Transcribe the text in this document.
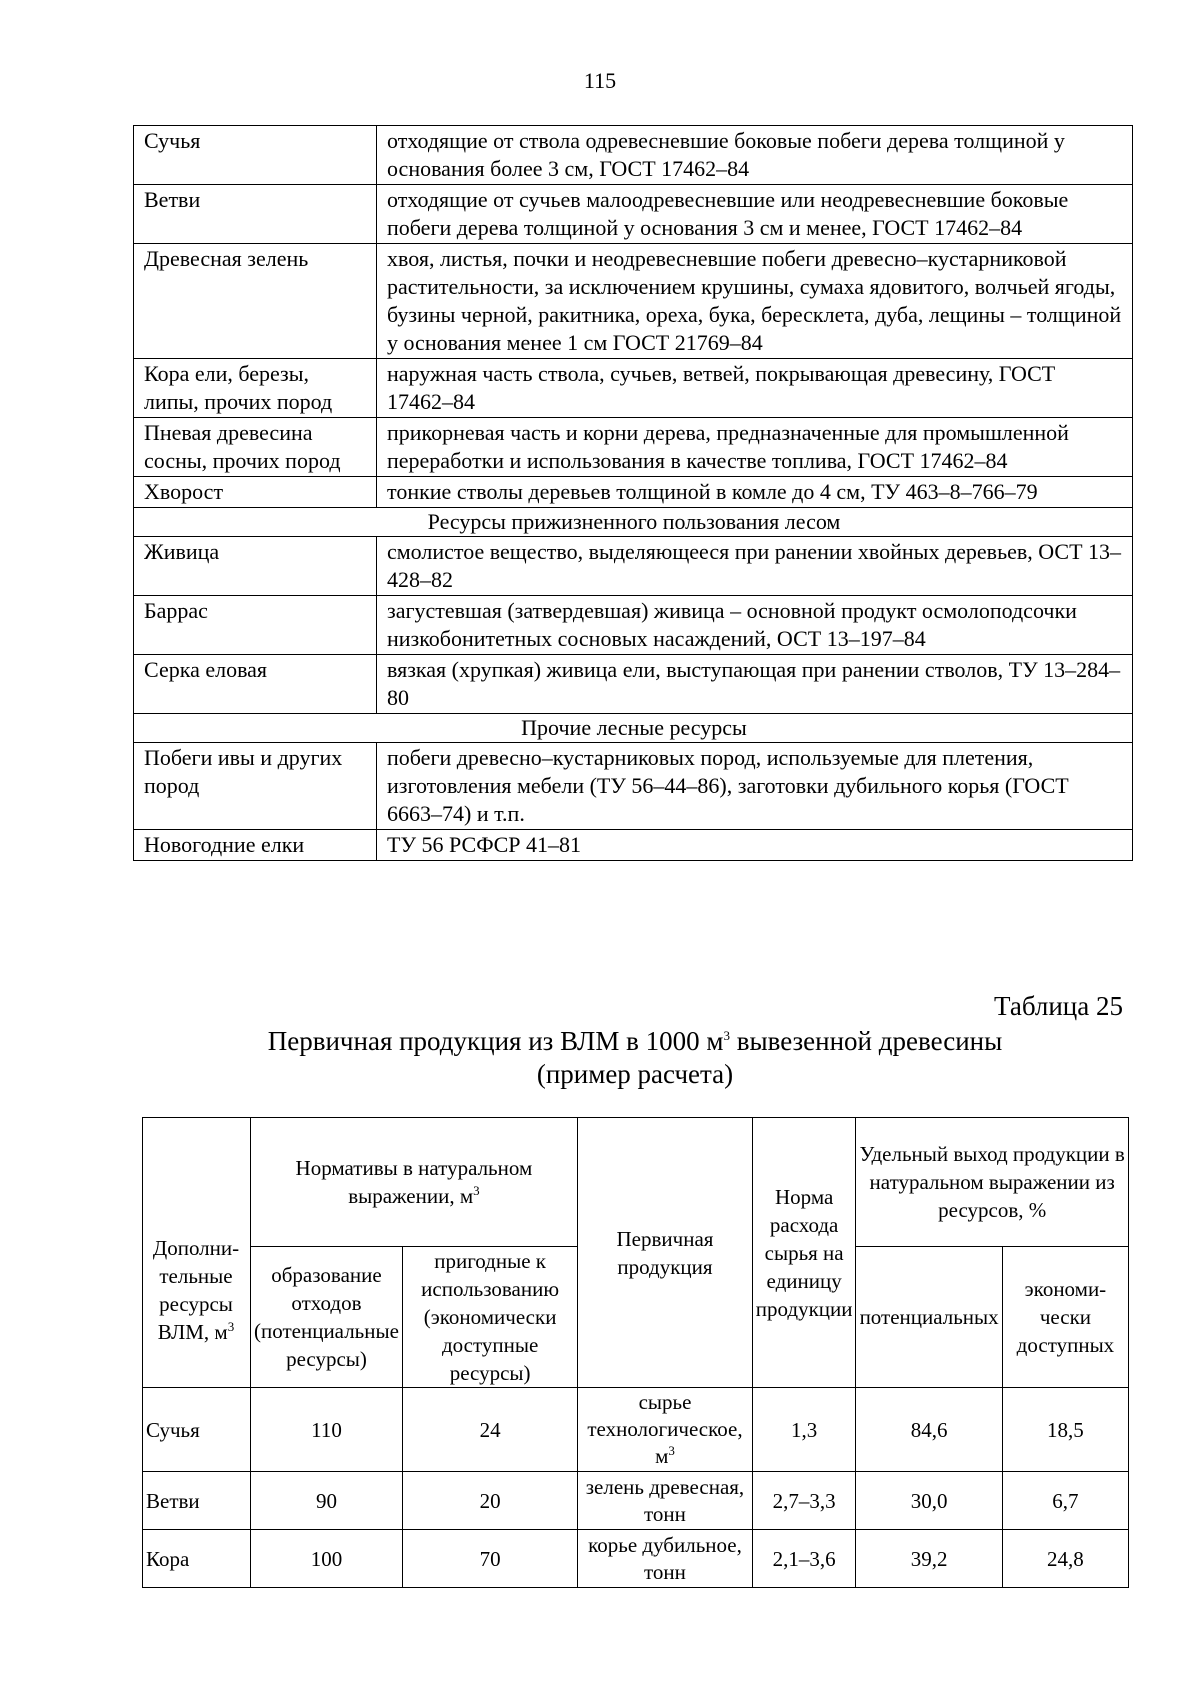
115
Сучья	отходящие от ствола одревесневшие боковые побеги дерева толщиной у основания более 3 см, ГОСТ 17462–84
Ветви	отходящие от сучьев малоодревесневшие или неодревесневшие боковые побеги дерева толщиной у основания 3 см и менее, ГОСТ 17462–84
Древесная зелень	хвоя, листья, почки и неодревесневшие побеги древесно–кустарниковой растительности, за исключением крушины, сумаха ядовитого, волчьей ягоды, бузины черной, ракитника, ореха, бука, бересклета, дуба, лещины – толщиной у основания менее 1 см ГОСТ 21769–84
Кора ели, березы, липы, прочих пород	наружная часть ствола, сучьев, ветвей, покрывающая древесину, ГОСТ 17462–84
Пневая древесина сосны, прочих пород	прикорневая часть и корни дерева, предназначенные для промышленной переработки и использования в качестве топлива, ГОСТ 17462–84
Хворост	тонкие стволы деревьев толщиной в комле до 4 см, ТУ 463–8–766–79
Ресурсы прижизненного пользования лесом	
Живица	смолистое вещество, выделяющееся при ранении хвойных деревьев, ОСТ 13–428–82
Баррас	загустевшая (затвердевшая) живица – основной продукт осмолоподсочки низкобонитетных сосновых насаждений, ОСТ 13–197–84
Серка еловая	вязкая (хрупкая) живица ели, выступающая при ранении стволов, ТУ 13–284–80
Прочие лесные ресурсы	
Побеги ивы и других пород	побеги древесно–кустарниковых пород, используемые для плетения, изготовления мебели (ТУ 56–44–86), заготовки дубильного корья (ГОСТ 6663–74) и т.п.
Новогодние елки	ТУ 56 РСФСР 41–81
Таблица 25
Первичная продукция из ВЛМ в 1000 $м^3$ вывезенной древесины
(пример расчета)
Дополни-тельные ресурсы ВЛМ, $м^3$	Нормативы в натуральном выражении, $м^3$		Первичная продукция	Норма расхода сырья на единицу продукции	Удельный выход продукции в натуральном выражении из ресурсов, %	
	образование отходов (потенциальные ресурсы)	пригодные к использованию (экономически доступные ресурсы)			потенциальных	экономи-чески доступных
Сучья	110	24	сырье технологическое, $м^3$	1,3	84,6	18,5
Ветви	90	20	зелень древесная, тонн	2,7–3,3	30,0	6,7
Кора	100	70	корье дубильное, тонн	2,1–3,6	39,2	24,8
